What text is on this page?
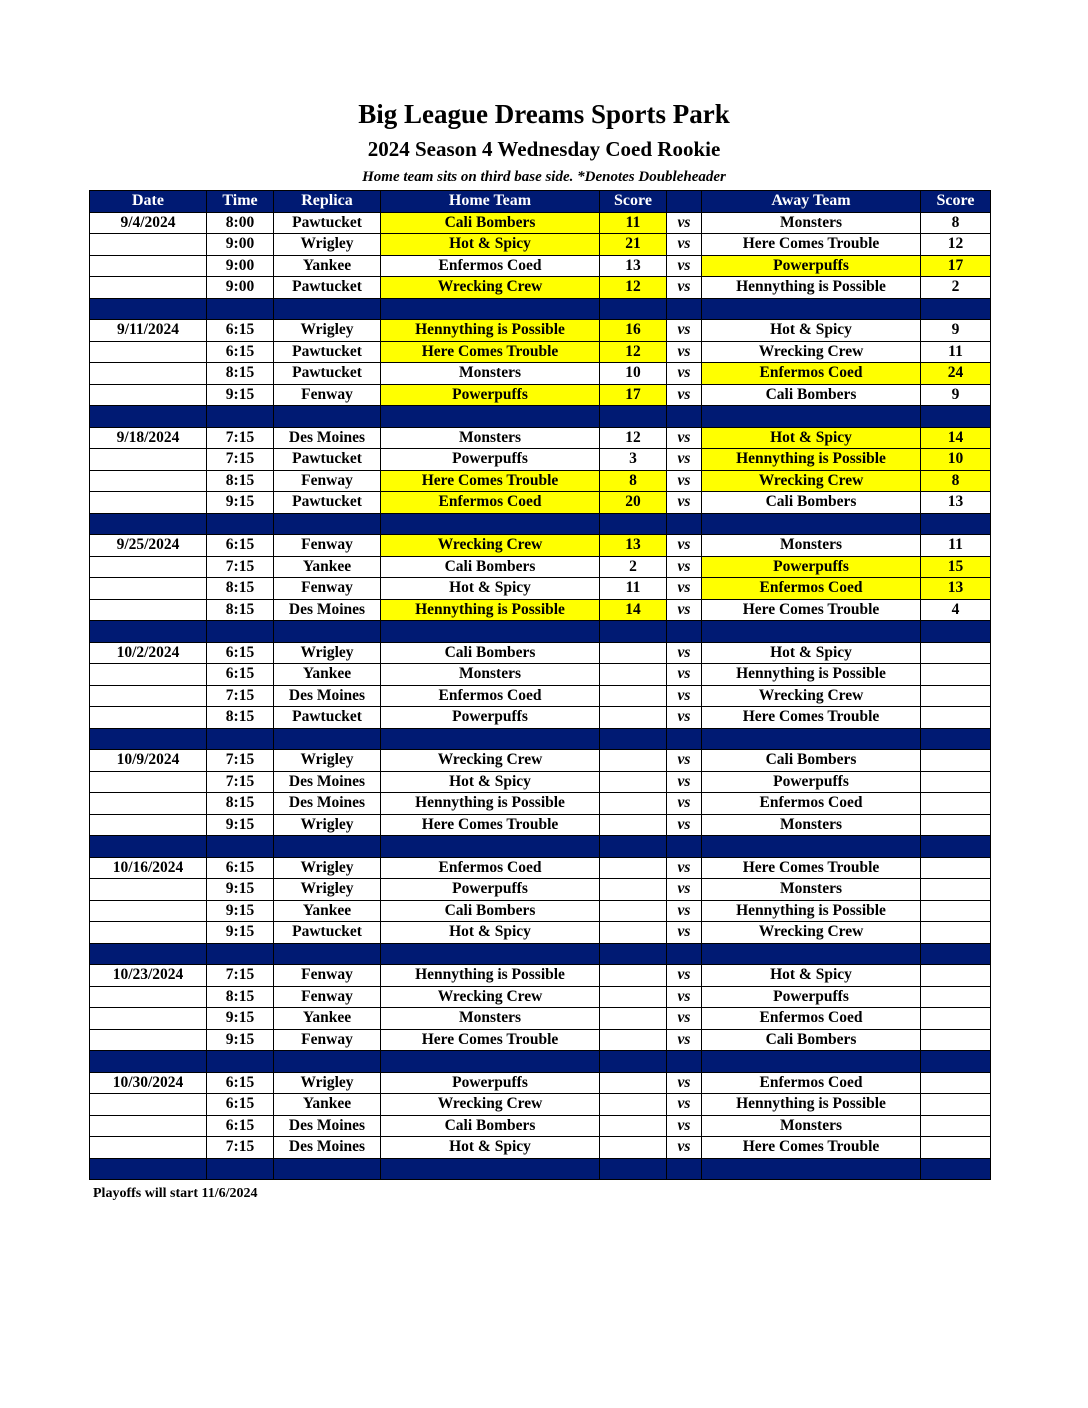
Big League Dreams Sports Park
2024 Season 4 Wednesday Coed Rookie
Home team sits on third base side. *Denotes Doubleheader
Date	Time	Replica	Home Team	Score		Away Team	Score
9/4/2024	8:00	Pawtucket	Cali Bombers	11	vs	Monsters	8
	9:00	Wrigley	Hot & Spicy	21	vs	Here Comes Trouble	12
	9:00	Yankee	Enfermos Coed	13	vs	Powerpuffs	17
	9:00	Pawtucket	Wrecking Crew	12	vs	Hennything is Possible	2

9/11/2024	6:15	Wrigley	Hennything is Possible	16	vs	Hot & Spicy	9
	6:15	Pawtucket	Here Comes Trouble	12	vs	Wrecking Crew	11
	8:15	Pawtucket	Monsters	10	vs	Enfermos Coed	24
	9:15	Fenway	Powerpuffs	17	vs	Cali Bombers	9

9/18/2024	7:15	Des Moines	Monsters	12	vs	Hot & Spicy	14
	7:15	Pawtucket	Powerpuffs	3	vs	Hennything is Possible	10
	8:15	Fenway	Here Comes Trouble	8	vs	Wrecking Crew	8
	9:15	Pawtucket	Enfermos Coed	20	vs	Cali Bombers	13

9/25/2024	6:15	Fenway	Wrecking Crew	13	vs	Monsters	11
	7:15	Yankee	Cali Bombers	2	vs	Powerpuffs	15
	8:15	Fenway	Hot & Spicy	11	vs	Enfermos Coed	13
	8:15	Des Moines	Hennything is Possible	14	vs	Here Comes Trouble	4

10/2/2024	6:15	Wrigley	Cali Bombers		vs	Hot & Spicy	
	6:15	Yankee	Monsters		vs	Hennything is Possible	
	7:15	Des Moines	Enfermos Coed		vs	Wrecking Crew	
	8:15	Pawtucket	Powerpuffs		vs	Here Comes Trouble	

10/9/2024	7:15	Wrigley	Wrecking Crew		vs	Cali Bombers	
	7:15	Des Moines	Hot & Spicy		vs	Powerpuffs	
	8:15	Des Moines	Hennything is Possible		vs	Enfermos Coed	
	9:15	Wrigley	Here Comes Trouble		vs	Monsters	

10/16/2024	6:15	Wrigley	Enfermos Coed		vs	Here Comes Trouble	
	9:15	Wrigley	Powerpuffs		vs	Monsters	
	9:15	Yankee	Cali Bombers		vs	Hennything is Possible	
	9:15	Pawtucket	Hot & Spicy		vs	Wrecking Crew	

10/23/2024	7:15	Fenway	Hennything is Possible		vs	Hot & Spicy	
	8:15	Fenway	Wrecking Crew		vs	Powerpuffs	
	9:15	Yankee	Monsters		vs	Enfermos Coed	
	9:15	Fenway	Here Comes Trouble		vs	Cali Bombers	

10/30/2024	6:15	Wrigley	Powerpuffs		vs	Enfermos Coed	
	6:15	Yankee	Wrecking Crew		vs	Hennything is Possible	
	6:15	Des Moines	Cali Bombers		vs	Monsters	
	7:15	Des Moines	Hot & Spicy		vs	Here Comes Trouble	

Playoffs will start 11/6/2024
